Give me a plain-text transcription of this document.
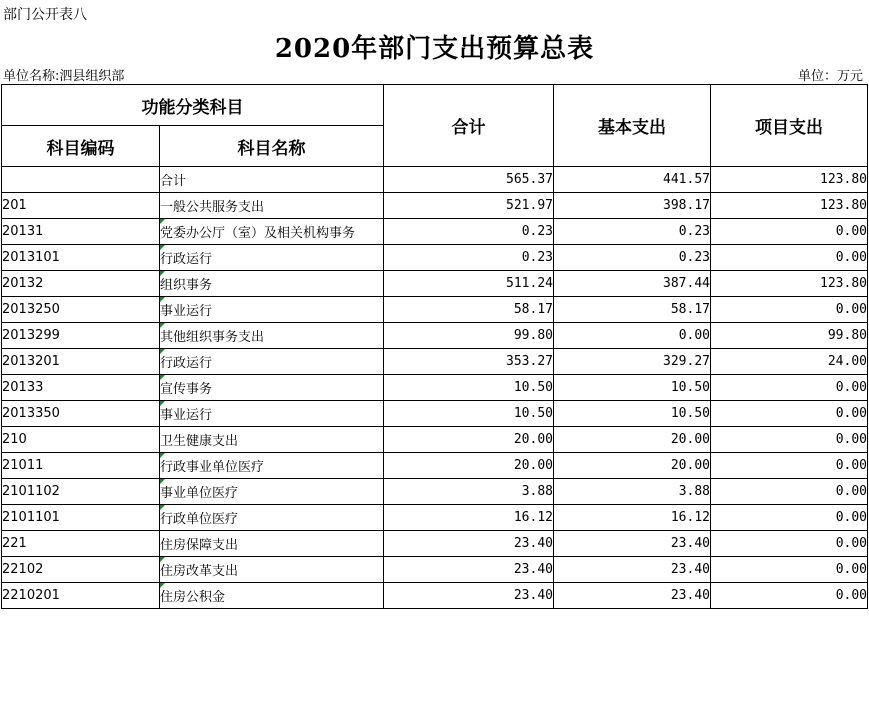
部门公开表八
2020年部门支出预算总表
单位名称:泗县组织部	单位：万元
功能分类科目		合计	基本支出	项目支出
科目编码	科目名称			
	合计	565.37	441.57	123.80
201	一般公共服务支出	521.97	398.17	123.80
20131	党委办公厅（室）及相关机构事务	0.23	0.23	0.00
2013101	行政运行	0.23	0.23	0.00
20132	组织事务	511.24	387.44	123.80
2013250	事业运行	58.17	58.17	0.00
2013299	其他组织事务支出	99.80	0.00	99.80
2013201	行政运行	353.27	329.27	24.00
20133	宣传事务	10.50	10.50	0.00
2013350	事业运行	10.50	10.50	0.00
210	卫生健康支出	20.00	20.00	0.00
21011	行政事业单位医疗	20.00	20.00	0.00
2101102	事业单位医疗	3.88	3.88	0.00
2101101	行政单位医疗	16.12	16.12	0.00
221	住房保障支出	23.40	23.40	0.00
22102	住房改革支出	23.40	23.40	0.00
2210201	住房公积金	23.40	23.40	0.00
